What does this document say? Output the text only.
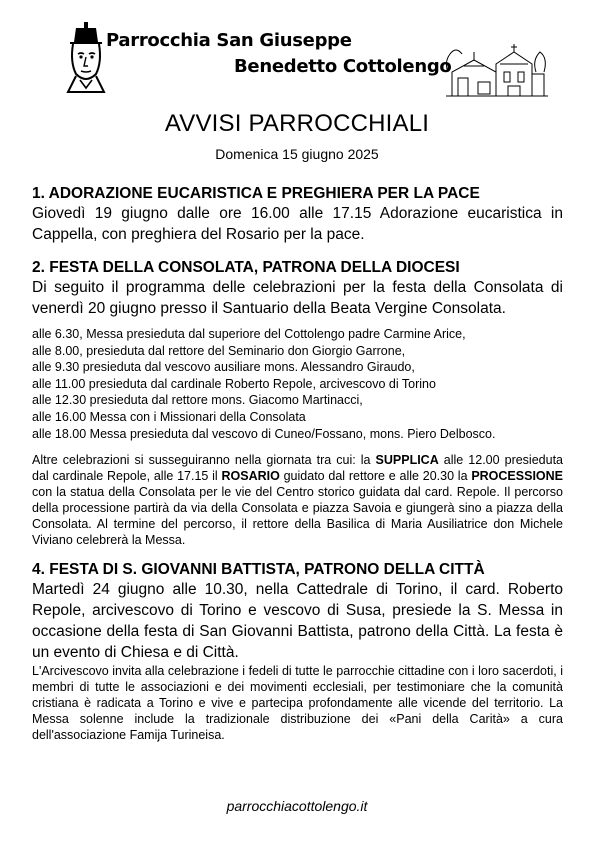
Parrocchia San Giuseppe
Benedetto Cottolengo
AVVISI PARROCCHIALI
Domenica 15 giugno 2025
1. ADORAZIONE EUCARISTICA E PREGHIERA PER LA PACE

Giovedì 19 giugno dalle ore 16.00 alle 17.15 Adorazione eucaristica in Cappella, con preghiera del Rosario per la pace.

2. FESTA DELLA CONSOLATA, PATRONA DELLA DIOCESI

Di seguito il programma delle celebrazioni per la festa della Consolata di venerdì 20 giugno presso il Santuario della Beata Vergine Consolata.

alle 6.30, Messa presieduta dal superiore del Cottolengo padre Carmine Arice,
alle 8.00, presieduta dal rettore del Seminario don Giorgio Garrone,
alle 9.30 presieduta dal vescovo ausiliare mons. Alessandro Giraudo,
alle 11.00 presieduta dal cardinale Roberto Repole, arcivescovo di Torino
alle 12.30 presieduta dal rettore mons. Giacomo Martinacci,
alle 16.00 Messa con i Missionari della Consolata
alle 18.00 Messa presieduta dal vescovo di Cuneo/Fossano, mons. Piero Delbosco.

Altre celebrazioni si susseguiranno nella giornata tra cui: la SUPPLICA alle 12.00 presieduta dal cardinale Repole, alle 17.15 il ROSARIO guidato dal rettore e alle 20.30 la PROCESSIONE con la statua della Consolata per le vie del Centro storico guidata dal card. Repole. Il percorso della processione partirà da via della Consolata e piazza Savoia e giungerà sino a piazza della Consolata. Al termine del percorso, il rettore della Basilica di Maria Ausiliatrice don Michele Viviano celebrerà la Messa.

4. FESTA DI S. GIOVANNI BATTISTA, PATRONO DELLA CITTÀ

Martedì 24 giugno alle 10.30, nella Cattedrale di Torino, il card. Roberto Repole, arcivescovo di Torino e vescovo di Susa, presiede la S. Messa in occasione della festa di San Giovanni Battista, patrono della Città. La festa è un evento di Chiesa e di Città.

L'Arcivescovo invita alla celebrazione i fedeli di tutte le parrocchie cittadine con i loro sacerdoti, i membri di tutte le associazioni e dei movimenti ecclesiali, per testimoniare che la comunità cristiana è radicata a Torino e vive e partecipa profondamente alle vicende del territorio. La Messa solenne include la tradizionale distribuzione dei «Pani della Carità» a cura dell'associazione Famija Turineisa.

parrocchiacottolengo.it
